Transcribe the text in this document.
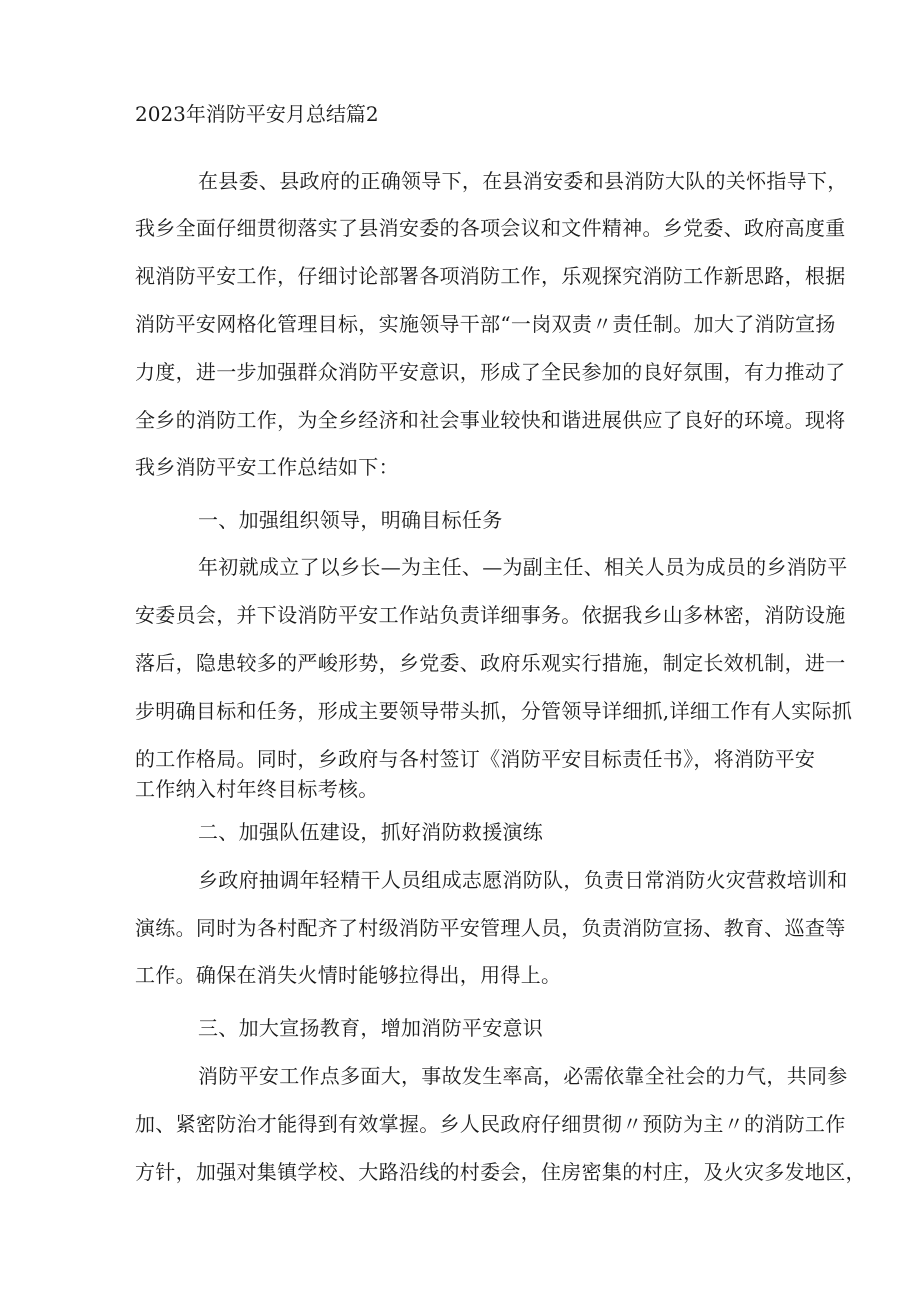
2023年消防平安月总结篇2
在县委、县政府的正确领导下，在县消安委和县消防大队的关怀指导下，
我乡全面仔细贯彻落实了县消安委的各项会议和文件精神。乡党委、政府高度重
视消防平安工作，仔细讨论部署各项消防工作，乐观探究消防工作新思路，根据
消防平安网格化管理目标，实施领导干部“一岗双责〃责任制。加大了消防宣扬
力度，进一步加强群众消防平安意识，形成了全民参加的良好氛围，有力推动了
全乡的消防工作，为全乡经济和社会事业较快和谐进展供应了良好的环境。现将
我乡消防平安工作总结如下：
一、加强组织领导，明确目标任务
年初就成立了以乡长—为主任、—为副主任、相关人员为成员的乡消防平
安委员会，并下设消防平安工作站负责详细事务。依据我乡山多林密，消防设施
落后，隐患较多的严峻形势，乡党委、政府乐观实行措施，制定长效机制，进一
步明确目标和任务，形成主要领导带头抓，分管领导详细抓,详细工作有人实际抓
的工作格局。同时，乡政府与各村签订《消防平安目标责任书》，将消防平安
工作纳入村年终目标考核。
二、加强队伍建设，抓好消防救援演练
乡政府抽调年轻精干人员组成志愿消防队，负责日常消防火灾营救培训和
演练。同时为各村配齐了村级消防平安管理人员，负责消防宣扬、教育、巡查等
工作。确保在消失火情时能够拉得出，用得上。
三、加大宣扬教育，增加消防平安意识
消防平安工作点多面大，事故发生率高，必需依靠全社会的力气，共同参
加、紧密防治才能得到有效掌握。乡人民政府仔细贯彻〃预防为主〃的消防工作
方针，加强对集镇学校、大路沿线的村委会，住房密集的村庄，及火灾多发地区，
